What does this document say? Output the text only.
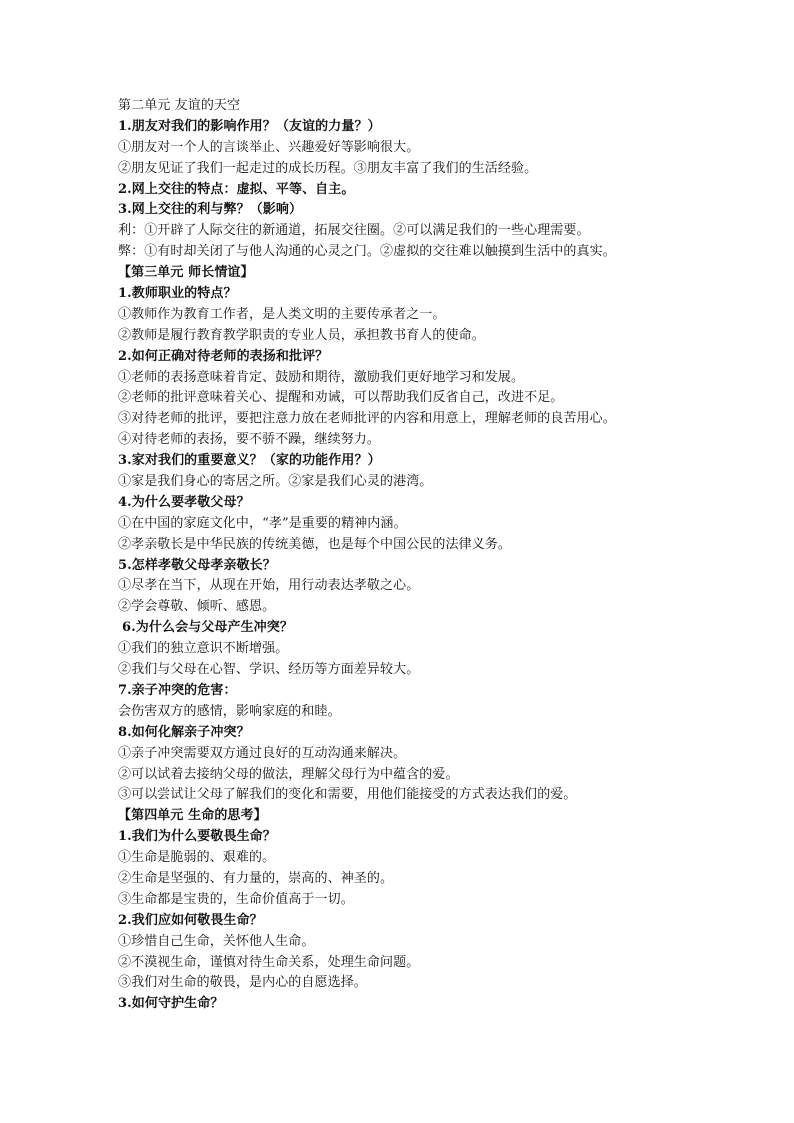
第二单元 友谊的天空
1.朋友对我们的影响作用？（友谊的力量？）
①朋友对一个人的言谈举止、兴趣爱好等影响很大。
②朋友见证了我们一起走过的成长历程。③朋友丰富了我们的生活经验。
2.网上交往的特点：虚拟、平等、自主。
3.网上交往的利与弊？（影响）
利：①开辟了人际交往的新通道，拓展交往圈。②可以满足我们的一些心理需要。
弊：①有时却关闭了与他人沟通的心灵之门。②虚拟的交往难以触摸到生活中的真实。
【第三单元 师长情谊】
1.教师职业的特点？
①教师作为教育工作者，是人类文明的主要传承者之一。
②教师是履行教育教学职责的专业人员，承担教书育人的使命。
2.如何正确对待老师的表扬和批评？
①老师的表扬意味着肯定、鼓励和期待，激励我们更好地学习和发展。
②老师的批评意味着关心、提醒和劝诫，可以帮助我们反省自己，改进不足。
③对待老师的批评，要把注意力放在老师批评的内容和用意上，理解老师的良苦用心。
④对待老师的表扬，要不骄不躁，继续努力。
3.家对我们的重要意义？（家的功能作用？）
①家是我们身心的寄居之所。②家是我们心灵的港湾。
4.为什么要孝敬父母？
①在中国的家庭文化中，“孝”是重要的精神内涵。
②孝亲敬长是中华民族的传统美德，也是每个中国公民的法律义务。
5.怎样孝敬父母孝亲敬长？
①尽孝在当下，从现在开始，用行动表达孝敬之心。
②学会尊敬、倾听、感恩。
6.为什么会与父母产生冲突？
①我们的独立意识不断增强。
②我们与父母在心智、学识、经历等方面差异较大。
7.亲子冲突的危害：
会伤害双方的感情，影响家庭的和睦。
8.如何化解亲子冲突？
①亲子冲突需要双方通过良好的互动沟通来解决。
②可以试着去接纳父母的做法，理解父母行为中蕴含的爱。
③可以尝试让父母了解我们的变化和需要，用他们能接受的方式表达我们的爱。
【第四单元 生命的思考】
1.我们为什么要敬畏生命？
①生命是脆弱的、艰难的。
②生命是坚强的、有力量的，崇高的、神圣的。
③生命都是宝贵的，生命价值高于一切。
2.我们应如何敬畏生命？
①珍惜自己生命，关怀他人生命。
②不漠视生命，谨慎对待生命关系，处理生命问题。
③我们对生命的敬畏，是内心的自愿选择。
3.如何守护生命？
